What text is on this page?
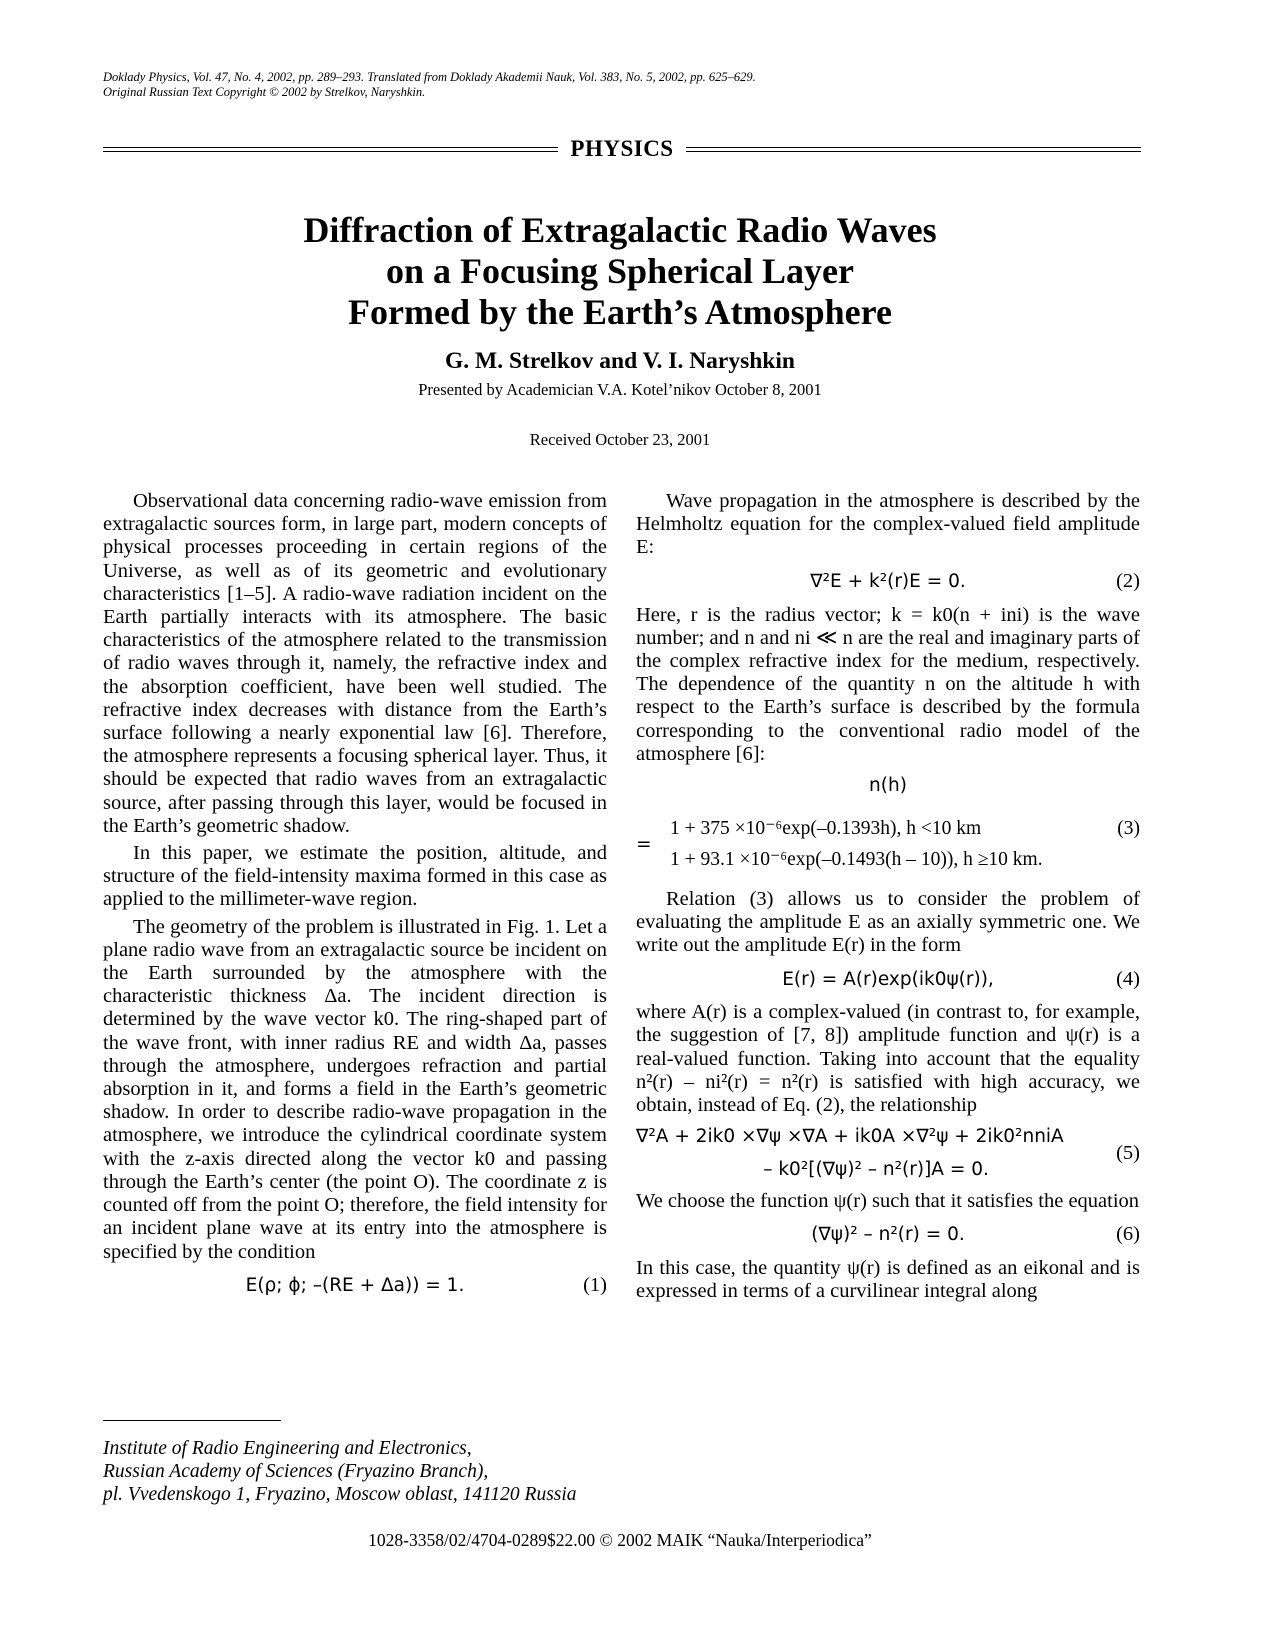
Doklady Physics, Vol. 47, No. 4, 2002, pp. 289–293. Translated from Doklady Akademii Nauk, Vol. 383, No. 5, 2002, pp. 625–629.
Original Russian Text Copyright © 2002 by Strelkov, Naryshkin.
PHYSICS
Diffraction of Extragalactic Radio Waves
on a Focusing Spherical Layer
Formed by the Earth’s Atmosphere
G. M. Strelkov and V. I. Naryshkin
Presented by Academician V.A. Kotel’nikov October 8, 2001
Received October 23, 2001

Observational data concerning radio-wave emission from extragalactic sources form, in large part, modern concepts of physical processes proceeding in certain regions of the Universe, as well as of its geometric and evolutionary characteristics [1–5]. A radio-wave radiation incident on the Earth partially interacts with its atmosphere. The basic characteristics of the atmosphere related to the transmission of radio waves through it, namely, the refractive index and the absorption coefficient, have been well studied. The refractive index decreases with distance from the Earth’s surface following a nearly exponential law [6]. Therefore, the atmosphere represents a focusing spherical layer. Thus, it should be expected that radio waves from an extragalactic source, after passing through this layer, would be focused in the Earth’s geometric shadow.

In this paper, we estimate the position, altitude, and structure of the field-intensity maxima formed in this case as applied to the millimeter-wave region.

The geometry of the problem is illustrated in Fig. 1. Let a plane radio wave from an extragalactic source be incident on the Earth surrounded by the atmosphere with the characteristic thickness Δa. The incident direction is determined by the wave vector k0. The ring-shaped part of the wave front, with inner radius RE and width Δa, passes through the atmosphere, undergoes refraction and partial absorption in it, and forms a field in the Earth’s geometric shadow. In order to describe radio-wave propagation in the atmosphere, we introduce the cylindrical coordinate system with the z-axis directed along the vector k0 and passing through the Earth’s center (the point O). The coordinate z is counted off from the point O; therefore, the field intensity for an incident plane wave at its entry into the atmosphere is specified by the condition

E(ρ; ϕ; –(RE + Δa)) = 1.	(1)

Wave propagation in the atmosphere is described by the Helmholtz equation for the complex-valued field amplitude E:

∇²E + k²(r)E = 0.	(2)

Here, r is the radius vector; k = k0(n + ini) is the wave number; and n and ni ≪ n are the real and imaginary parts of the complex refractive index for the medium, respectively. The dependence of the quantity n on the altitude h with respect to the Earth’s surface is described by the formula corresponding to the conventional radio model of the atmosphere [6]:

n(h)
=
1 + 375 ×10⁻⁶exp(–0.1393h), h <10 km	(3)
1 + 93.1 ×10⁻⁶exp(–0.1493(h – 10)), h ≥10 km.

Relation (3) allows us to consider the problem of evaluating the amplitude E as an axially symmetric one. We write out the amplitude E(r) in the form

E(r) = A(r)exp(ik0ψ(r)),	(4)

where A(r) is a complex-valued (in contrast to, for example, the suggestion of [7, 8]) amplitude function and ψ(r) is a real-valued function. Taking into account that the equality n²(r) – ni²(r) = n²(r) is satisfied with high accuracy, we obtain, instead of Eq. (2), the relationship

∇²A + 2ik0 ×∇ψ ×∇A + ik0A ×∇²ψ + 2ik0²nniA
– k0²[(∇ψ)² – n²(r)]A = 0.
(5)

We choose the function ψ(r) such that it satisfies the equation

(∇ψ)² – n²(r) = 0.	(6)

In this case, the quantity ψ(r) is defined as an eikonal and is expressed in terms of a curvilinear integral along

Institute of Radio Engineering and Electronics,
Russian Academy of Sciences (Fryazino Branch),
pl. Vvedenskogo 1, Fryazino, Moscow oblast, 141120 Russia
1028-3358/02/4704-0289$22.00 © 2002 MAIK “Nauka/Interperiodica”
